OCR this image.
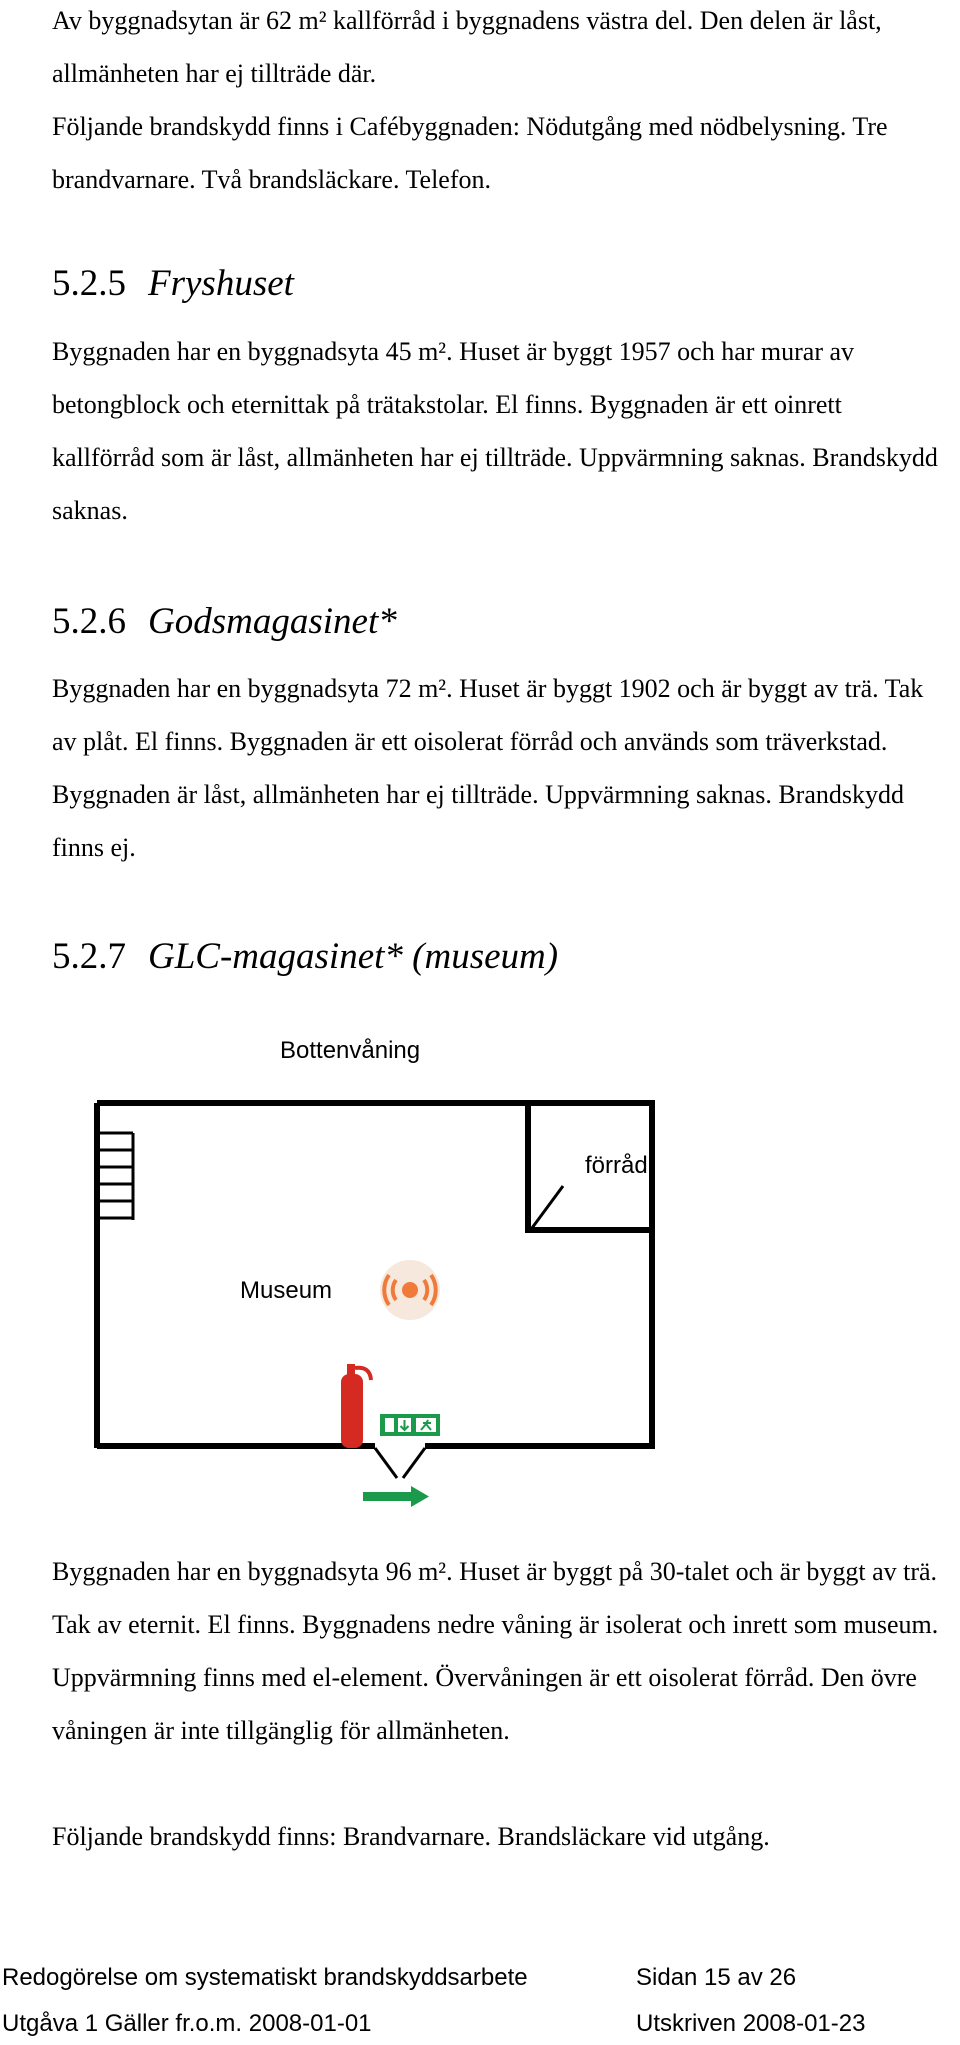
Av byggnadsytan är 62 m² kallförråd i byggnadens västra del. Den delen är låst, allmänheten har ej tillträde där.

Följande brandskydd finns i Cafébyggnaden: Nödutgång med nödbelysning. Tre brandvarnare. Två brandsläckare. Telefon.

5.2.5 Fryshuset

Byggnaden har en byggnadsyta 45 m². Huset är byggt 1957 och har murar av betongblock och eternittak på trätakstolar. El finns. Byggnaden är ett oinrett kallförråd som är låst, allmänheten har ej tillträde. Uppvärmning saknas. Brandskydd saknas.

5.2.6 Godsmagasinet*

Byggnaden har en byggnadsyta 72 m². Huset är byggt 1902 och är byggt av trä. Tak av plåt. El finns. Byggnaden är ett oisolerat förråd och används som träverkstad. Byggnaden är låst, allmänheten har ej tillträde. Uppvärmning saknas. Brandskydd finns ej.

5.2.7 GLC-magasinet* (museum)
Bottenvåning
förråd
Museum

Byggnaden har en byggnadsyta 96 m². Huset är byggt på 30-talet och är byggt av trä. Tak av eternit. El finns. Byggnadens nedre våning är isolerat och inrett som museum. Uppvärmning finns med el-element. Övervåningen är ett oisolerat förråd. Den övre våningen är inte tillgänglig för allmänheten.

Följande brandskydd finns: Brandvarnare. Brandsläckare vid utgång.

Redogörelse om systematiskt brandskyddsarbete	Sidan 15 av 26
Utgåva 1 Gäller fr.o.m. 2008-01-01	Utskriven 2008-01-23
